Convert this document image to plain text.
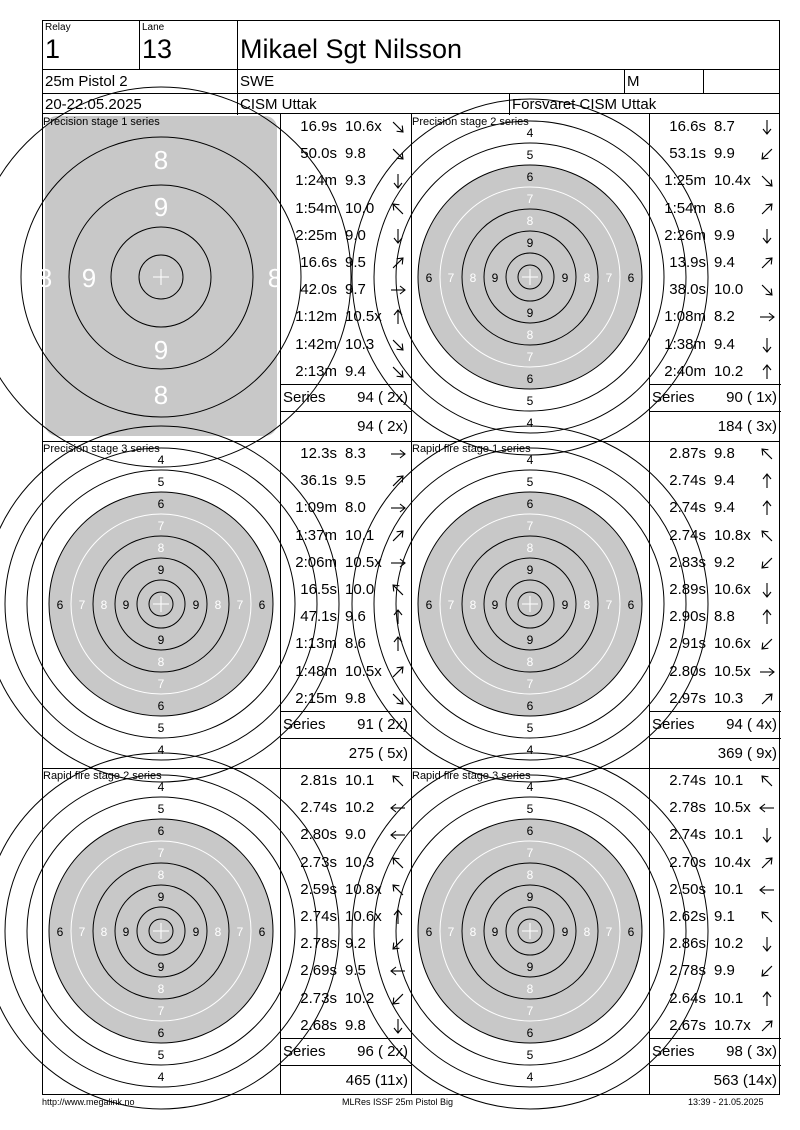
Relay
1
Lane
13	Mikael Sgt Nilsson
25m Pistol 2	SWE	M
20-22.05.2025	CISM Uttak	Forsvaret CISM Uttak
8
9
9
8
9
8	8
Precision stage 1 series	16.9s 10.6x
50.0s 9.8
1:24m 9.3
1:54m 10.0
2:25m 9.0
16.6s 9.5
42.0s 9.7
1:12m 10.5x
1:42m 10.3
2:13m 9.4
Series 94 ( 2x)
94 ( 2x)
4
5
6
7
8
9
9
8
7
6
5
4
6 7 8 9	9 8 7 6
Precision stage 2 series	16.6s 8.7
53.1s 9.9
1:25m 10.4x
1:54m 8.6
2:26m 9.9
13.9s 9.4
38.0s 10.0
1:08m 8.2
1:38m 9.4
2:40m 10.2
Series 90 ( 1x)
184 ( 3x)
4
5
6
7
8
9
9
8
7
6
5
4
6 7 8 9	9 8 7 6
Precision stage 3 series	12.3s 8.3
36.1s 9.5
1:09m 8.0
1:37m 10.1
2:06m 10.5x
16.5s 10.0
47.1s 9.6
1:13m 8.6
1:48m 10.5x
2:15m 9.8
Series 91 ( 2x)
275 ( 5x)
4
5
6
7
8
9
9
8
7
6
5
4
6 7 8 9	9 8 7 6
Rapid fire stage 1 series	2.87s 9.8
2.74s 9.4
2.74s 9.4
2.74s 10.8x
2.83s 9.2
2.89s 10.6x
2.90s 8.8
2.91s 10.6x
2.80s 10.5x
2.97s 10.3
Series 94 ( 4x)
369 ( 9x)
4
5
6
7
8
9
9
8
7
6
5
4
6 7 8 9	9 8 7 6
Rapid fire stage 2 series	2.81s 10.1
2.74s 10.2
2.80s 9.0
2.73s 10.3
2.59s 10.8x
2.74s 10.6x
2.78s 9.2
2.69s 9.5
2.73s 10.2
2.68s 9.8
Series 96 ( 2x)
465 (11x)
4
5
6
7
8
9
9
8
7
6
5
4
6 7 8 9	9 8 7 6
Rapid fire stage 3 series	2.74s 10.1
2.78s 10.5x
2.74s 10.1
2.70s 10.4x
2.50s 10.1
2.62s 9.1
2.86s 10.2
2.78s 9.9
2.64s 10.1
2.67s 10.7x
Series 98 ( 3x)
563 (14x)
http://www.megalink.no	MLRes ISSF 25m Pistol Big	13:39 - 21.05.2025
